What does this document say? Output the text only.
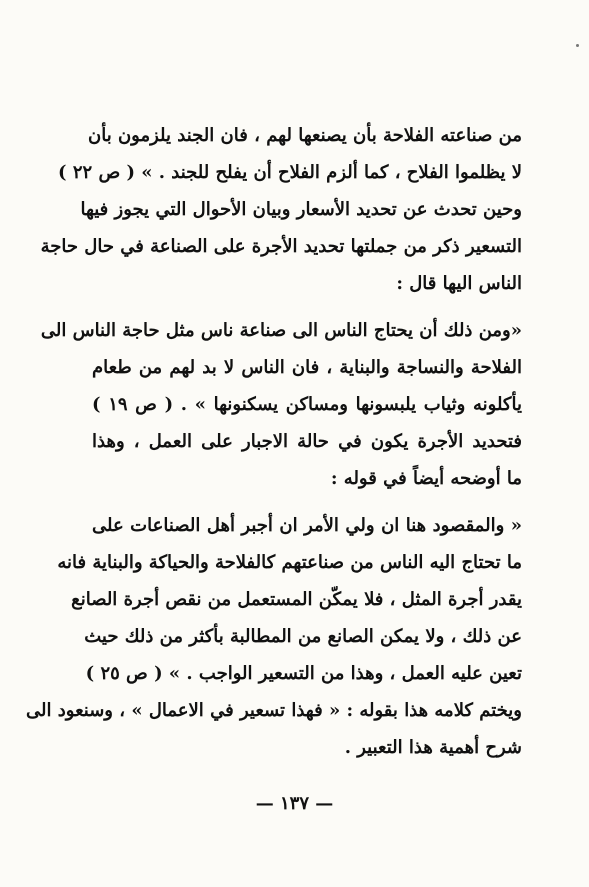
من صناعته الفلاحة بأن يصنعها لهم ، فان الجند يلزمون بأن
لا يظلموا الفلاح ، كما ألزم الفلاح أن يفلح للجند . » ( ص ٢٢ )
وحين تحدث عن تحديد الأسعار وبيان الأحوال التي يجوز فيها
التسعير ذكر من جملتها تحديد الأجرة على الصناعة في حال حاجة
الناس اليها قال :
«ومن ذلك أن يحتاج الناس الى صناعة ناس مثل حاجة الناس الى
الفلاحة والنساجة والبناية ، فان الناس لا بد لهم من طعام
يأكلونه وثياب يلبسونها ومساكن يسكنونها » . ( ص ١٩ )
فتحديد الأجرة يكون في حالة الاجبار على العمل ، وهذا
ما أوضحه أيضاً في قوله :
« والمقصود هنا ان ولي الأمر ان أجبر أهل الصناعات على
ما تحتاج اليه الناس من صناعتهم كالفلاحة والحياكة والبناية فانه
يقدر أجرة المثل ، فلا يمكّن المستعمل من نقص أجرة الصانع
عن ذلك ، ولا يمكن الصانع من المطالبة بأكثر من ذلك حيث
تعين عليه العمل ، وهذا من التسعير الواجب . » ( ص ٢٥ )
ويختم كلامه هذا بقوله : « فهذا تسعير في الاعمال » ، وسنعود الى
شرح أهمية هذا التعبير .
— ١٣٧ —
